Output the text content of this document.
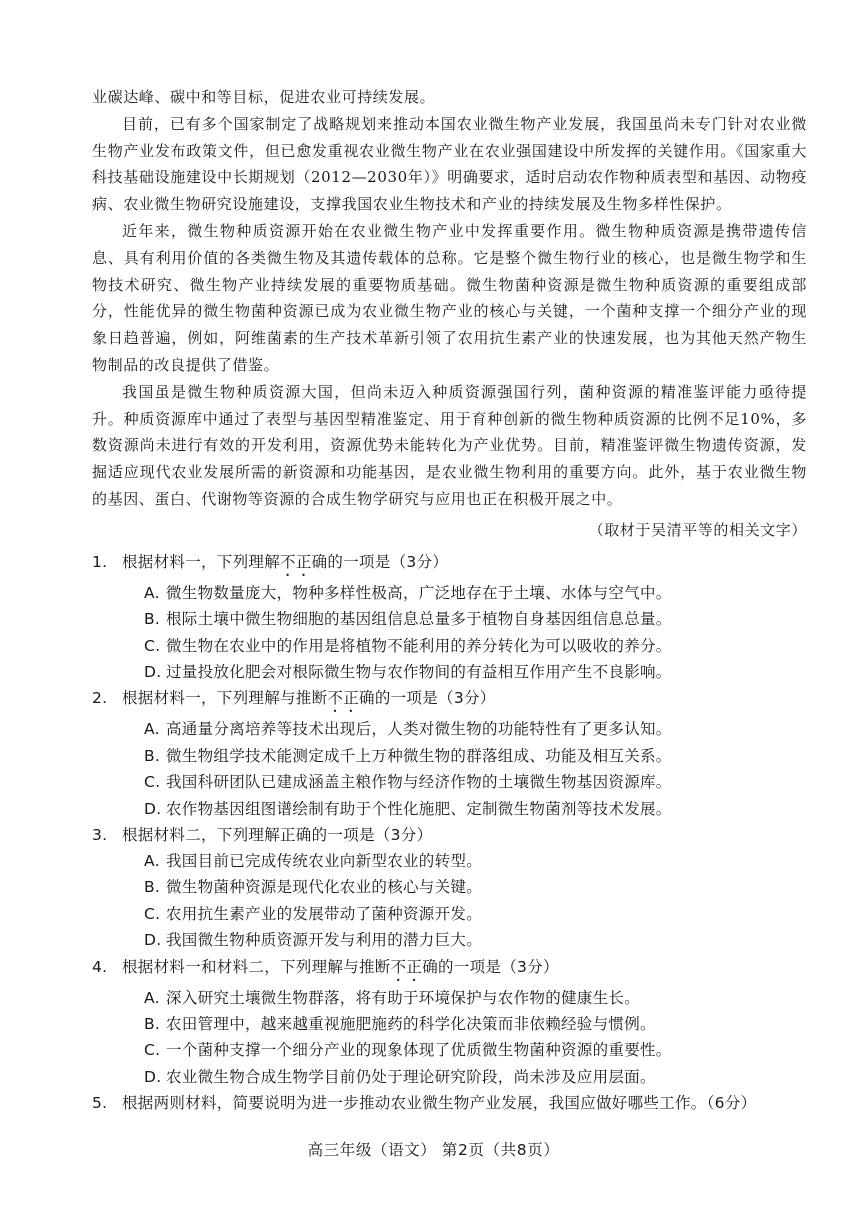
业碳达峰、碳中和等目标，促进农业可持续发展。

目前，已有多个国家制定了战略规划来推动本国农业微生物产业发展，我国虽尚未专门针对农业微生物产业发布政策文件，但已愈发重视农业微生物产业在农业强国建设中所发挥的关键作用。《国家重大科技基础设施建设中长期规划（2012—2030年）》明确要求，适时启动农作物种质表型和基因、动物疫病、农业微生物研究设施建设，支撑我国农业生物技术和产业的持续发展及生物多样性保护。

近年来，微生物种质资源开始在农业微生物产业中发挥重要作用。微生物种质资源是携带遗传信息、具有利用价值的各类微生物及其遗传载体的总称。它是整个微生物行业的核心，也是微生物学和生物技术研究、微生物产业持续发展的重要物质基础。微生物菌种资源是微生物种质资源的重要组成部分，性能优异的微生物菌种资源已成为农业微生物产业的核心与关键，一个菌种支撑一个细分产业的现象日趋普遍，例如，阿维菌素的生产技术革新引领了农用抗生素产业的快速发展，也为其他天然产物生物制品的改良提供了借鉴。

我国虽是微生物种质资源大国，但尚未迈入种质资源强国行列，菌种资源的精准鉴评能力亟待提升。种质资源库中通过了表型与基因型精准鉴定、用于育种创新的微生物种质资源的比例不足10%，多数资源尚未进行有效的开发利用，资源优势未能转化为产业优势。目前，精准鉴评微生物遗传资源，发掘适应现代农业发展所需的新资源和功能基因，是农业微生物利用的重要方向。此外，基于农业微生物的基因、蛋白、代谢物等资源的合成生物学研究与应用也正在积极开展之中。

（取材于吴清平等的相关文字）

1. 根据材料一，下列理解不正确的一项是（3分）

A. 微生物数量庞大，物种多样性极高，广泛地存在于土壤、水体与空气中。

B. 根际土壤中微生物细胞的基因组信息总量多于植物自身基因组信息总量。

C. 微生物在农业中的作用是将植物不能利用的养分转化为可以吸收的养分。

D. 过量投放化肥会对根际微生物与农作物间的有益相互作用产生不良影响。

2. 根据材料一，下列理解与推断不正确的一项是（3分）

A. 高通量分离培养等技术出现后，人类对微生物的功能特性有了更多认知。

B. 微生物组学技术能测定成千上万种微生物的群落组成、功能及相互关系。

C. 我国科研团队已建成涵盖主粮作物与经济作物的土壤微生物基因资源库。

D. 农作物基因组图谱绘制有助于个性化施肥、定制微生物菌剂等技术发展。

3. 根据材料二，下列理解正确的一项是（3分）

A. 我国目前已完成传统农业向新型农业的转型。

B. 微生物菌种资源是现代化农业的核心与关键。

C. 农用抗生素产业的发展带动了菌种资源开发。

D. 我国微生物种质资源开发与利用的潜力巨大。

4. 根据材料一和材料二，下列理解与推断不正确的一项是（3分）

A. 深入研究土壤微生物群落，将有助于环境保护与农作物的健康生长。

B. 农田管理中，越来越重视施肥施药的科学化决策而非依赖经验与惯例。

C. 一个菌种支撑一个细分产业的现象体现了优质微生物菌种资源的重要性。

D. 农业微生物合成生物学目前仍处于理论研究阶段，尚未涉及应用层面。

5. 根据两则材料，简要说明为进一步推动农业微生物产业发展，我国应做好哪些工作。（6分）

高三年级（语文） 第2页（共8页）
